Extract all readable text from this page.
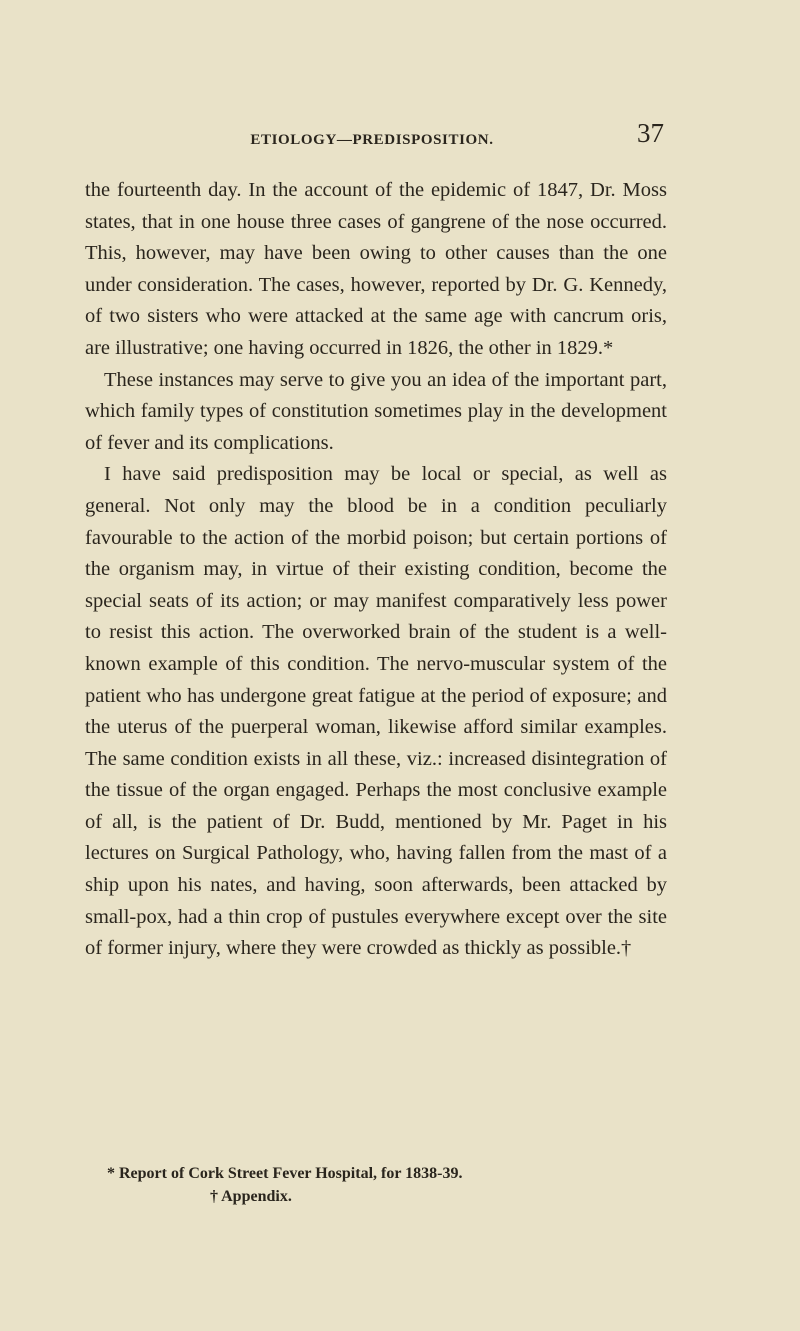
ETIOLOGY—PREDISPOSITION.	37

the fourteenth day. In the account of the epidemic of 1847, Dr. Moss states, that in one house three cases of gangrene of the nose occurred. This, however, may have been owing to other causes than the one under consideration. The cases, however, reported by Dr. G. Kennedy, of two sisters who were attacked at the same age with cancrum oris, are illustrative; one having occurred in 1826, the other in 1829.*

These instances may serve to give you an idea of the important part, which family types of constitution sometimes play in the development of fever and its complications.

I have said predisposition may be local or special, as well as general. Not only may the blood be in a condition peculiarly favourable to the action of the morbid poison; but certain portions of the organism may, in virtue of their existing condition, become the special seats of its action; or may manifest comparatively less power to resist this action. The overworked brain of the student is a well-known example of this condition. The nervo-muscular system of the patient who has undergone great fatigue at the period of exposure; and the uterus of the puerperal woman, likewise afford similar examples. The same condition exists in all these, viz.: increased disintegration of the tissue of the organ engaged. Perhaps the most conclusive example of all, is the patient of Dr. Budd, mentioned by Mr. Paget in his lectures on Surgical Pathology, who, having fallen from the mast of a ship upon his nates, and having, soon afterwards, been attacked by small-pox, had a thin crop of pustules everywhere except over the site of former injury, where they were crowded as thickly as possible.†

* Report of Cork Street Fever Hospital, for 1838-39.

† Appendix.
